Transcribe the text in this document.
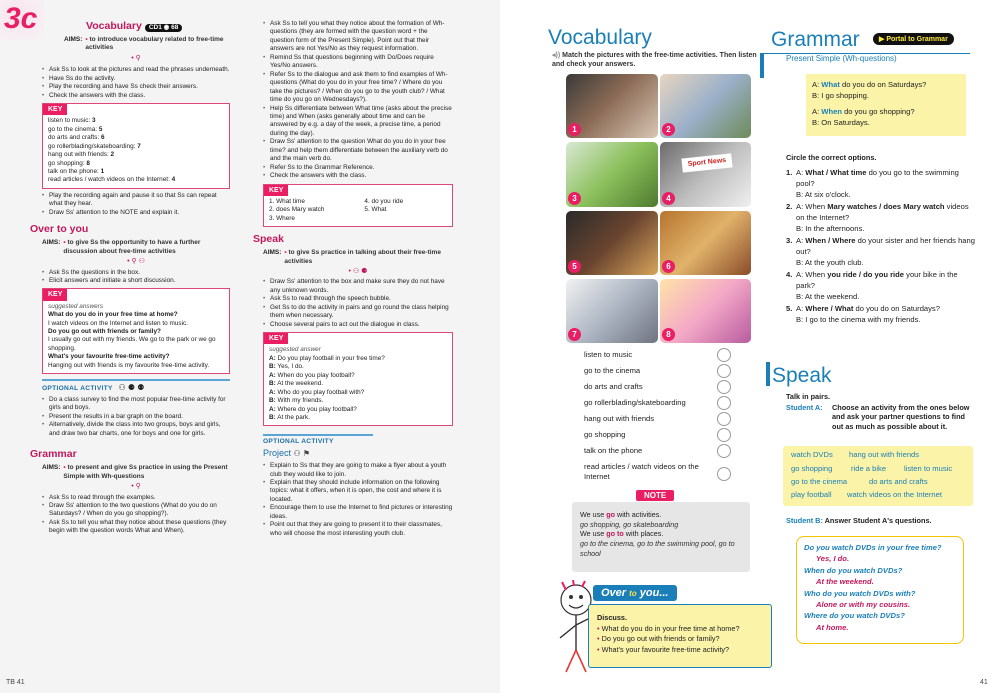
3c	Vocabulary	CD1 ◉ 68
AIMS: • to introduce vocabulary related to free-time activities
• ⚲
• Ask Ss to look at the pictures and read the phrases underneath.
• Have Ss do the activity.
• Play the recording and have Ss check their answers.
• Check the answers with the class.
KEY
listen to music: 3
go to the cinema: 5
do arts and crafts: 6
go rollerblading/skateboarding: 7
hang out with friends: 2
go shopping: 8
talk on the phone: 1
read articles / watch videos on the Internet: 4
• Play the recording again and pause it so that Ss can repeat what they hear.
• Draw Ss' attention to the NOTE and explain it.
Over to you
AIMS: • to give Ss the opportunity to have a further discussion about free-time activities
• ⚲ ⚇
• Ask Ss the questions in the box.
• Elicit answers and initiate a short discussion.
KEY
suggested answers
What do you do in your free time at home?
I watch videos on the Internet and listen to music.
Do you go out with friends or family?
I usually go out with my friends. We go to the park or we go shopping.
What's your favourite free-time activity?
Hanging out with friends is my favourite free-time activity.
OPTIONAL ACTIVITY ⚇ ⚈ ⚉
• Do a class survey to find the most popular free-time activity for girls and boys.
• Present the results in a bar graph on the board.
• Alternatively, divide the class into two groups, boys and girls, and draw two bar charts, one for boys and one for girls.
Grammar
AIMS: • to present and give Ss practice in using the Present Simple with Wh-questions
• ⚲
• Ask Ss to read through the examples.
• Draw Ss' attention to the two questions (What do you do on Saturdays? / When do you go shopping?).
• Ask Ss to tell you what they notice about these questions (they begin with the question words What and When).
• Ask Ss to tell you what they notice about the formation of Wh-questions (they are formed with the question word + the question form of the Present Simple). Point out that their answers are not Yes/No as they request information.
• Remind Ss that questions beginning with Do/Does require Yes/No answers.
• Refer Ss to the dialogue and ask them to find examples of Wh-questions (What do you do in your free time? / Where do you take the pictures? / When do you go to the youth club? / What time do you go on Wednesdays?).
• Help Ss differentiate between What time (asks about the precise time) and When (asks generally about time and can be answered by e.g. a day of the week, a precise time, a period during the day).
• Draw Ss' attention to the question What do you do in your free time? and help them differentiate between the auxiliary verb do and the main verb do.
• Refer Ss to the Grammar Reference.
• Check the answers with the class.
KEY
1. What time
2. does Mary watch
3. Where
4. do you ride
5. What
Speak
AIMS: • to give Ss practice in talking about their free-time activities
• ⚇ ⚈
• Draw Ss' attention to the box and make sure they do not have any unknown words.
• Ask Ss to read through the speech bubble.
• Get Ss to do the activity in pairs and go round the class helping them when necessary.
• Choose several pairs to act out the dialogue in class.
KEY
suggested answer
A: Do you play football in your free time?
B: Yes, I do.
A: When do you play football?
B: At the weekend.
A: Who do you play football with?
B: With my friends.
A: Where do you play football?
B: At the park.
OPTIONAL ACTIVITY
Project ⚇ ⚑
• Explain to Ss that they are going to make a flyer about a youth club they would like to join.
• Explain that they should include information on the following topics: what it offers, when it is open, the cost and where it is located.
• Encourage them to use the Internet to find pictures or interesting ideas.
• Point out that they are going to present it to their classmates, who will choose the most interesting youth club.
TB 41
Vocabulary
◂)) Match the pictures with the free-time activities. Then listen and check your answers.
1	2
3
Sport News
4
5	6
7	8
listen to music
go to the cinema
do arts and crafts
go rollerblading/skateboarding
hang out with friends
go shopping
talk on the phone
read articles / watch videos on the Internet
NOTE
We use go with activities.
go shopping, go skateboarding
We use go to with places.
go to the cinema, go to the swimming pool, go to school
Over to you...
Discuss.
• What do you do in your free time at home?
• Do you go out with friends or family?
• What's your favourite free-time activity?
Grammar	▶ Portal to Grammar
Present Simple (Wh-questions)
A: What do you do on Saturdays?
B: I go shopping.
A: When do you go shopping?
B: On Saturdays.
Circle the correct options.
1. A: What / What time do you go to the swimming pool?
B: At six o'clock.
2. A: When Mary watches / does Mary watch videos on the Internet?
B: In the afternoons.
3. A: When / Where do your sister and her friends hang out?
B: At the youth club.
4. A: When you ride / do you ride your bike in the park?
B: At the weekend.
5. A: Where / What do you do on Saturdays?
B: I go to the cinema with my friends.
Speak
Talk in pairs.
Student A:	Choose an activity from the ones below and ask your partner questions to find out as much as possible about it.
watch DVDs hang out with friends
go shopping ride a bike listen to music
go to the cinema	do arts and crafts
play football watch videos on the Internet
Student B: Answer Student A's questions.
Do you watch DVDs in your free time?
Yes, I do.
When do you watch DVDs?
At the weekend.
Who do you watch DVDs with?
Alone or with my cousins.
Where do you watch DVDs?
At home.
41
